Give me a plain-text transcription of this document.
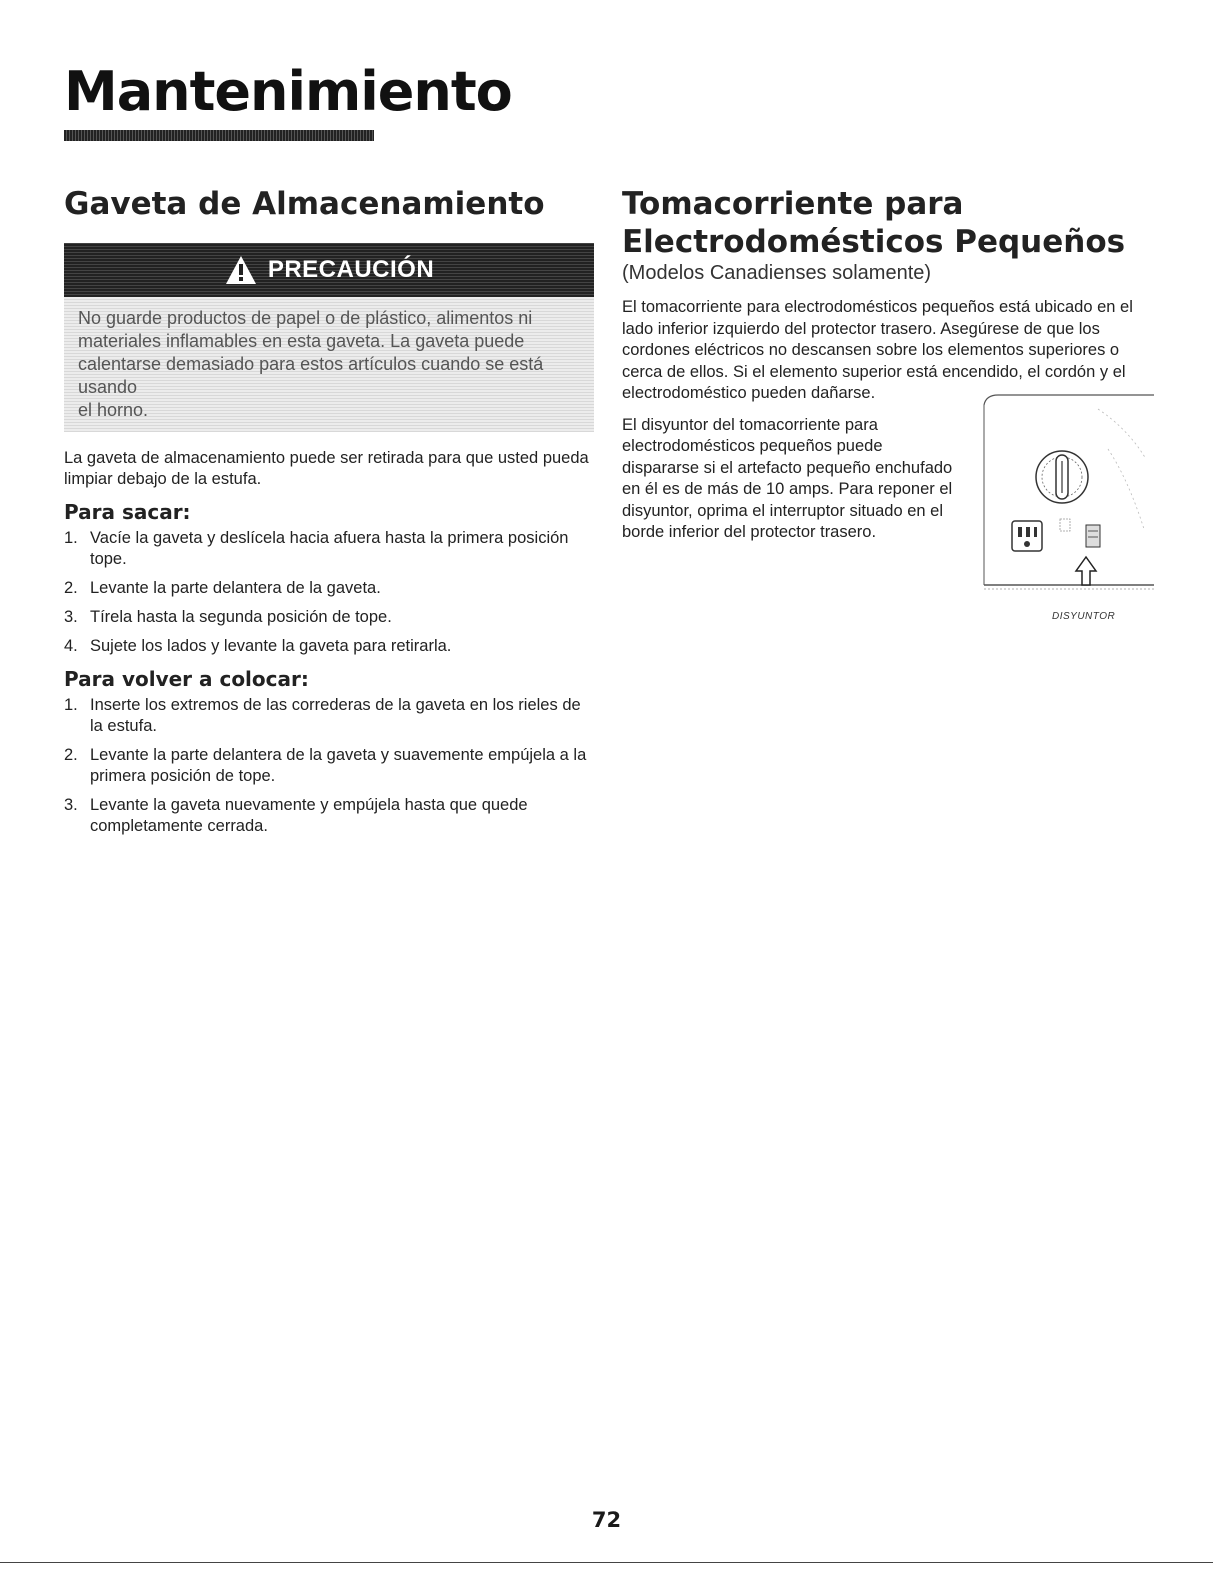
Mantenimiento
Gaveta de Almacenamiento
PRECAUCIÓN
No guarde productos de papel o de plástico, alimentos ni
materiales inflamables en esta gaveta. La gaveta puede
calentarse demasiado para estos artículos cuando se está usando
el horno.

La gaveta de almacenamiento puede ser retirada para que usted pueda limpiar debajo de la estufa.

Para sacar:
1. Vacíe la gaveta y deslícela hacia afuera hasta la primera posición tope.
2. Levante la parte delantera de la gaveta.
3. Tírela hasta la segunda posición de tope.
4. Sujete los lados y levante la gaveta para retirarla.
Para volver a colocar:
1. Inserte los extremos de las correderas de la gaveta en los rieles de la estufa.
2. Levante la parte delantera de la gaveta y suavemente empújela a la primera posición de tope.
3. Levante la gaveta nuevamente y empújela hasta que quede completamente cerrada.
Tomacorriente para
Electrodomésticos Pequeños
(Modelos Canadienses solamente)
El tomacorriente para electrodomésticos pequeños está ubicado en el lado inferior izquierdo del protector trasero. Asegúrese de que los cordones eléctricos no descansen sobre los elementos superiores o cerca de ellos. Si el elemento superior está encendido, el cordón y el electrodoméstico pueden dañarse.
El disyuntor del tomacorriente para electrodomésticos pequeños puede dispararse si el artefacto pequeño enchufado en él es de más de 10 amps. Para reponer el disyuntor, oprima el interruptor situado en el borde inferior del protector trasero.
DISYUNTOR
72
